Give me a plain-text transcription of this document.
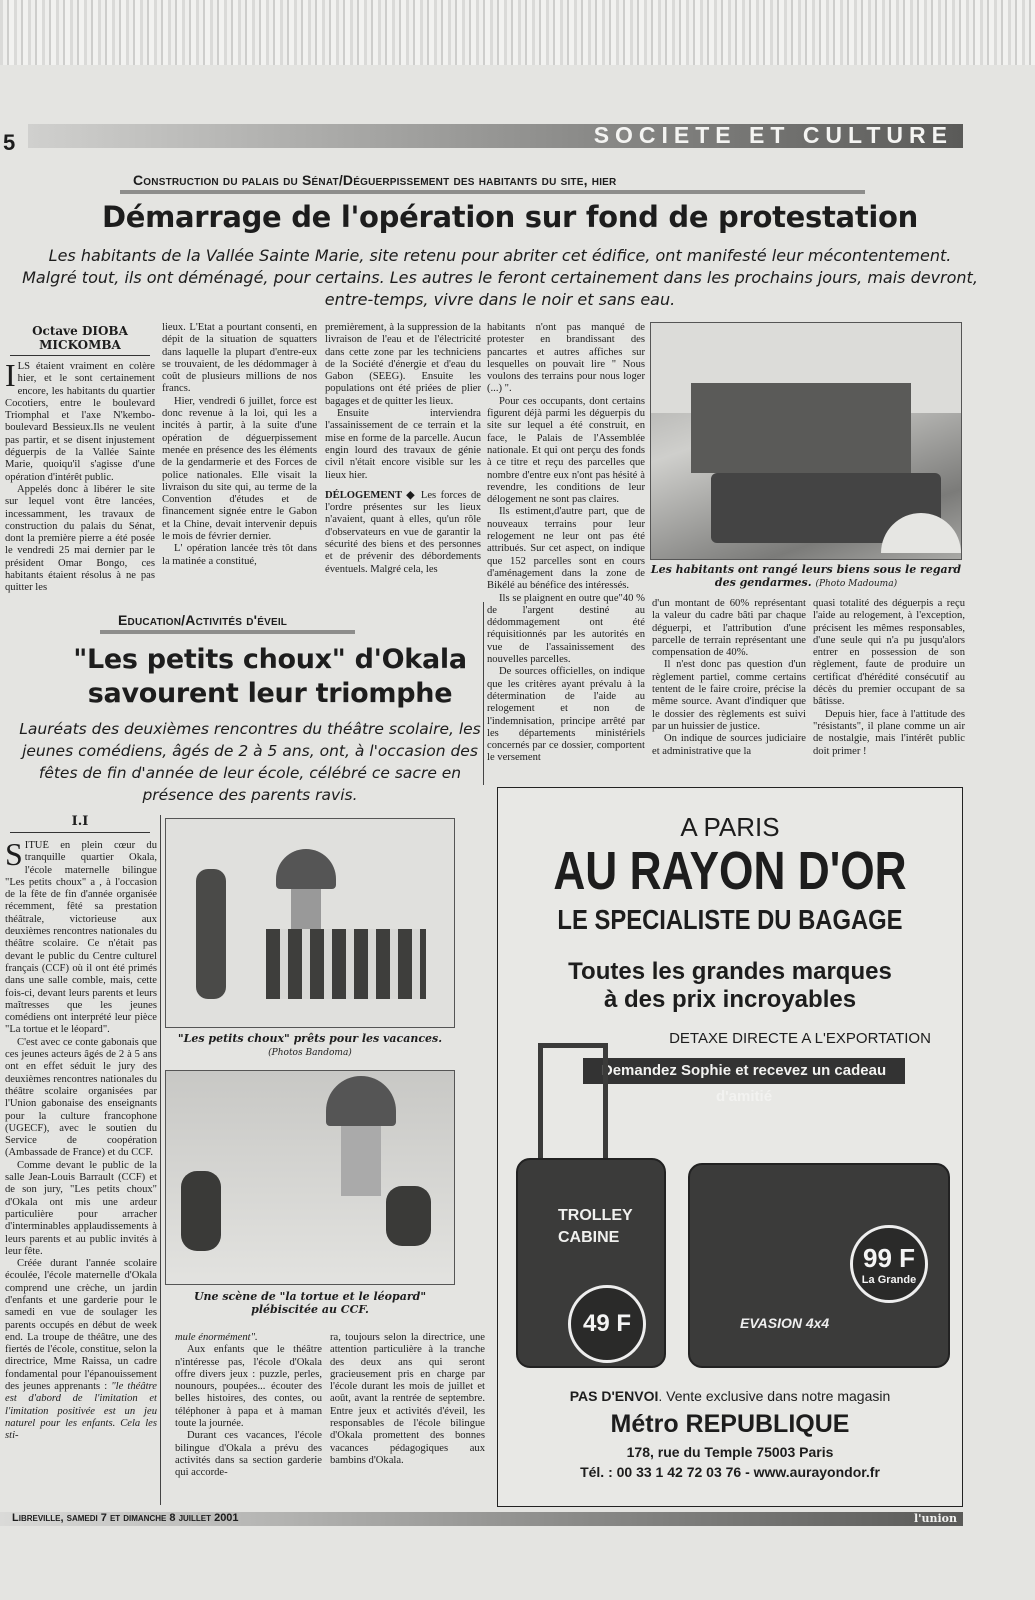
5	SOCIETE ET CULTURE
Construction du palais du Sénat/Déguerpissement des habitants du site, hier
Démarrage de l'opération sur fond de protestation
Les habitants de la Vallée Sainte Marie, site retenu pour abriter cet édifice, ont manifesté leur mécontentement. Malgré tout, ils ont déménagé, pour certains. Les autres le feront certainement dans les prochains jours, mais devront, entre-temps, vivre dans le noir et sans eau.
Octave DIOBA MICKOMBA

ILS étaient vraiment en colère hier, et le sont certainement encore, les habitants du quartier Cocotiers, entre le boulevard Triomphal et l'axe N'kembo-boulevard Bessieux.Ils ne veulent pas partir, et se disent injustement déguerpis de la Vallée Sainte Marie, quoiqu'il s'agisse d'une opération d'intérêt public.

Appelés donc à libérer le site sur lequel vont être lancées, incessamment, les travaux de construction du palais du Sénat, dont la première pierre a été posée le vendredi 25 mai dernier par le président Omar Bongo, ces habitants étaient résolus à ne pas quitter les

lieux. L'Etat a pourtant consenti, en dépit de la situation de squatters dans laquelle la plupart d'entre-eux se trouvaient, de les dédommager à coût de plusieurs millions de nos francs.

Hier, vendredi 6 juillet, force est donc revenue à la loi, qui les a incités à partir, à la suite d'une opération de déguerpissement menée en présence des les éléments de la gendarmerie et des Forces de police nationales. Elle visait la livraison du site qui, au terme de la Convention d'études et de financement signée entre le Gabon et la Chine, devait intervenir depuis le mois de février dernier.

L' opération lancée très tôt dans la matinée a constitué,

premièrement, à la suppression de la livraison de l'eau et de l'électricité dans cette zone par les techniciens de la Société d'énergie et d'eau du Gabon (SEEG). Ensuite les populations ont été priées de plier bagages et de quitter les lieux.

Ensuite interviendra l'assainissement de ce terrain et la mise en forme de la parcelle. Aucun engin lourd des travaux de génie civil n'était encore visible sur les lieux hier.

DÉLOGEMENT ◆ Les forces de l'ordre présentes sur les lieux n'avaient, quant à elles, qu'un rôle d'observateurs en vue de garantir la sécurité des biens et des personnes et de prévenir des débordements éventuels. Malgré cela, les

habitants n'ont pas manqué de protester en brandissant des pancartes et autres affiches sur lesquelles on pouvait lire " Nous voulons des terrains pour nous loger (...) ".

Pour ces occupants, dont certains figurent déjà parmi les déguerpis du site sur lequel a été construit, en face, le Palais de l'Assemblée nationale. Et qui ont perçu des fonds à ce titre et reçu des parcelles que nombre d'entre eux n'ont pas hésité à revendre, les conditions de leur délogement ne sont pas claires.

Ils estiment,d'autre part, que de nouveaux terrains pour leur relogement ne leur ont pas été attribués. Sur cet aspect, on indique que 152 parcelles sont en cours d'aménagement dans la zone de Bikélé au bénéfice des intéressés.

Ils se plaignent en outre que"40 % de l'argent destiné au dédommagement ont été réquisitionnés par les autorités en vue de l'assainissement des nouvelles parcelles.

De sources officielles, on indique que les critères ayant prévalu à la détermination de l'aide au relogement et non de l'indemnisation, principe arrêté par les départements ministériels concernés par ce dossier, comportent le versement

Les habitants ont rangé leurs biens sous le regard des gendarmes. (Photo Madouma)

d'un montant de 60% représentant la valeur du cadre bâti par chaque déguerpi, et l'attribution d'une parcelle de terrain représentant une compensation de 40%.

Il n'est donc pas question d'un règlement partiel, comme certains tentent de le faire croire, précise la même source. Avant d'indiquer que le dossier des règlements est suivi par un huissier de justice.

On indique de sources judiciaire et administrative que la

quasi totalité des déguerpis a reçu l'aide au relogement, à l'exception, précisent les mêmes responsables, d'une seule qui n'a pu jusqu'alors entrer en possession de son règlement, faute de produire un certificat d'hérédité consécutif au décès du premier occupant de sa bâtisse.

Depuis hier, face à l'attitude des "résistants", il plane comme un air de nostalgie, mais l'intérêt public doit primer !

Education/Activités d'éveil
"Les petits choux" d'Okala
savourent leur triomphe
Lauréats des deuxièmes rencontres du théâtre scolaire, les jeunes comédiens, âgés de 2 à 5 ans, ont, à l'occasion des fêtes de fin d'année de leur école, célébré ce sacre en présence des parents ravis.
I.I

SITUÉ en plein cœur du tranquille quartier Okala, l'école maternelle bilingue "Les petits choux" a , à l'occasion de la fête de fin d'année organisée récemment, fêté sa prestation théâtrale, victorieuse aux deuxièmes rencontres nationales du théâtre scolaire. Ce n'était pas devant le public du Centre culturel français (CCF) où il ont été primés dans une salle comble, mais, cette fois-ci, devant leurs parents et leurs maîtresses que les jeunes comédiens ont interprété leur pièce "La tortue et le léopard".

C'est avec ce conte gabonais que ces jeunes acteurs âgés de 2 à 5 ans ont en effet séduit le jury des deuxièmes rencontres nationales du théâtre scolaire organisées par l'Union gabonaise des enseignants pour la culture francophone (UGECF), avec le soutien du Service de coopération (Ambassade de France) et du CCF.

Comme devant le public de la salle Jean-Louis Barrault (CCF) et de son jury, "Les petits choux" d'Okala ont mis une ardeur particulière pour arracher d'interminables applaudissements à leurs parents et au public invités à leur fête.

Créée durant l'année scolaire écoulée, l'école maternelle d'Okala comprend une crèche, un jardin d'enfants et une garderie pour le samedi en vue de soulager les parents occupés en début de week end. La troupe de théâtre, une des fiertés de l'école, constitue, selon la directrice, Mme Raissa, un cadre fondamental pour l'épanouissement des jeunes apprenants : "le théâtre est d'abord de l'imitation et l'imitation positivée est un jeu naturel pour les enfants. Cela les sti-

"Les petits choux" prêts pour les vacances.
(Photos Bandoma)
Une scène de "la tortue et le léopard" plébiscitée au CCF.

mule énormément".

Aux enfants que le théâtre n'intéresse pas, l'école d'Okala offre divers jeux : puzzle, perles, nounours, poupées... écouter des belles histoires, des contes, ou téléphoner à papa et à maman toute la journée.

Durant ces vacances, l'école bilingue d'Okala a prévu des activités dans sa section garderie qui accorde-

ra, toujours selon la directrice, une attention particulière à la tranche des deux ans qui seront gracieusement pris en charge par l'école durant les mois de juillet et août, avant la rentrée de septembre. Entre jeux et activités d'éveil, les responsables de l'école bilingue d'Okala promettent des bonnes vacances pédagogiques aux bambins d'Okala.

A PARIS
AU RAYON D'OR
LE SPECIALISTE DU BAGAGE
Toutes les grandes marques
à des prix incroyables
DETAXE DIRECTE A L'EXPORTATION
Demandez Sophie et recevez un cadeau d'amitié
TROLLEY
CABINE
49 F
99 F
La Grande
EVASION 4x4
PAS D'ENVOI. Vente exclusive dans notre magasin
Métro REPUBLIQUE
178, rue du Temple 75003 Paris
Tél. : 00 33 1 42 72 03 76 - www.aurayondor.fr
Libreville, samedi 7 et dimanche 8 juillet 2001	l'union
